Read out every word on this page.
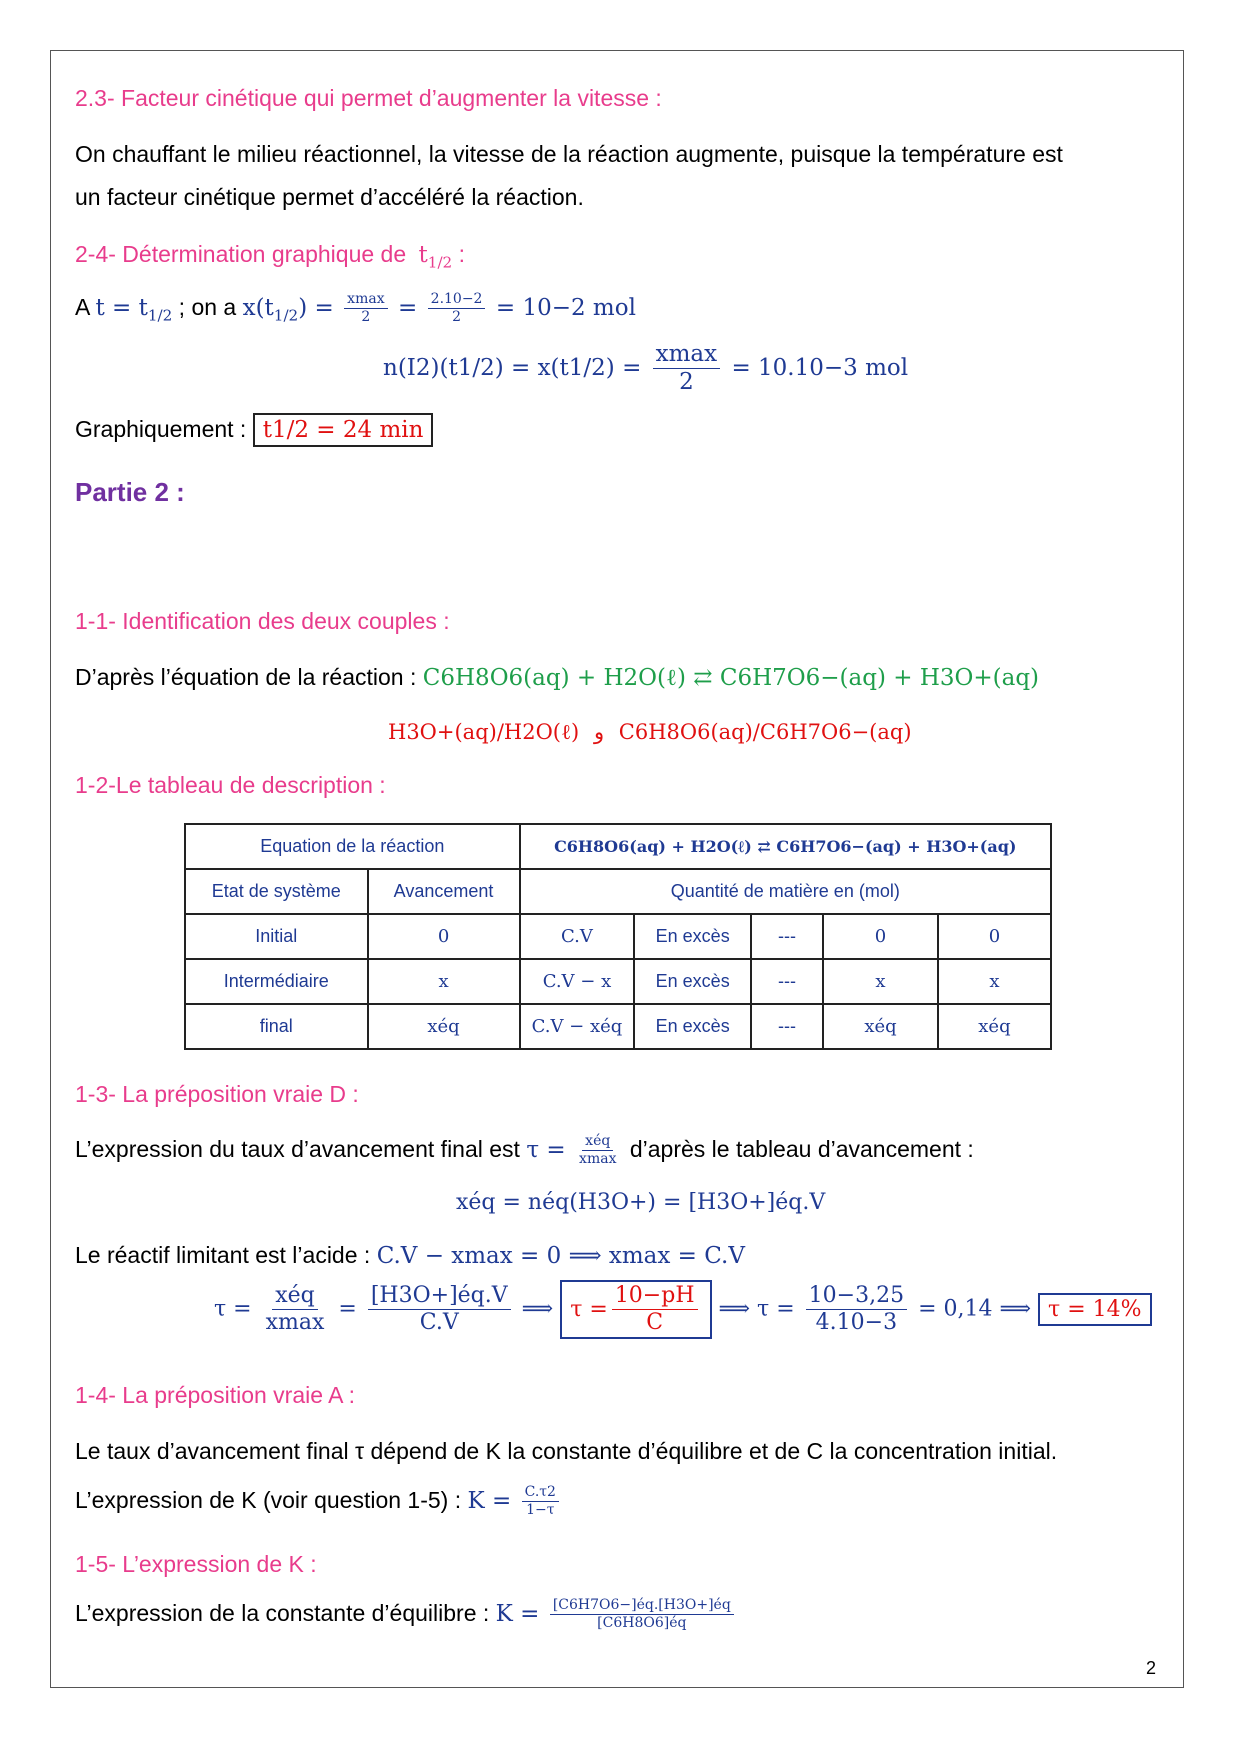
2.3- Facteur cinétique qui permet d’augmenter la vitesse :
On chauffant le milieu réactionnel, la vitesse de la réaction augmente, puisque la température est
un facteur cinétique permet d’accéléré la réaction.
2-4- Détermination graphique de $t_{1/2}$ :
A $t = t_{1/2}$ ; on a $x(t_{1/2}) = \frac{xmax}{2} = \frac{2.10-2}{2} = 10-2$ mol
$n(I2)(t1/2) = x(t1/2) = \frac{xmax}{2} = 10.10-3$ mol
Graphiquement : t1/2 = 24 min
Partie 2 :
1-1- Identification des deux couples :
D’après l’équation de la réaction : C6H8O6(aq) + H2O(ℓ) ⇄ C6H7O6−(aq) + H3O+(aq)
H3O+(aq)/H2O(ℓ) و C6H8O6(aq)/C6H7O6−(aq)
1-2-Le tableau de description :
Equation de la réaction		C6H8O6(aq) + H2O(ℓ) ⇄ C6H7O6−(aq) + H3O+(aq)				
Etat de système	Avancement	Quantité de matière en (mol)				
Initial	0	C.V	En excès	---	0	0
Intermédiaire	x	C.V − x	En excès	---	x	x
final	xéq	C.V − xéq	En excès	---	xéq	xéq
1-3- La préposition vraie D :
L’expression du taux d’avancement final est $\tau = \frac{\text{xéq}}{xmax}$ d’après le tableau d’avancement :
xéq = néq(H3O+) = [H3O+]éq.V
Le réactif limitant est l’acide : C.V − xmax = 0 ⟹ xmax = C.V
$\tau = \frac{\text{xéq}}{xmax} = \frac{[H3O+]éq.V}{C.V}$ ⟹ $\tau = \frac{10-pH}{C}$ ⟹ $\tau = \frac{10-3,25}{4.10-3} = 0,14$ ⟹ τ = 14%
1-4- La préposition vraie A :
Le taux d’avancement final τ dépend de K la constante d’équilibre et de C la concentration initial.
L’expression de K (voir question 1-5) : $K = \frac{C.\tau 2}{1-\tau}$
1-5- L’expression de K :
L’expression de la constante d’équilibre : $K = \frac{[C6H7O6-]éq.[H3O+]éq}{[C6H8O6]éq}$
2
